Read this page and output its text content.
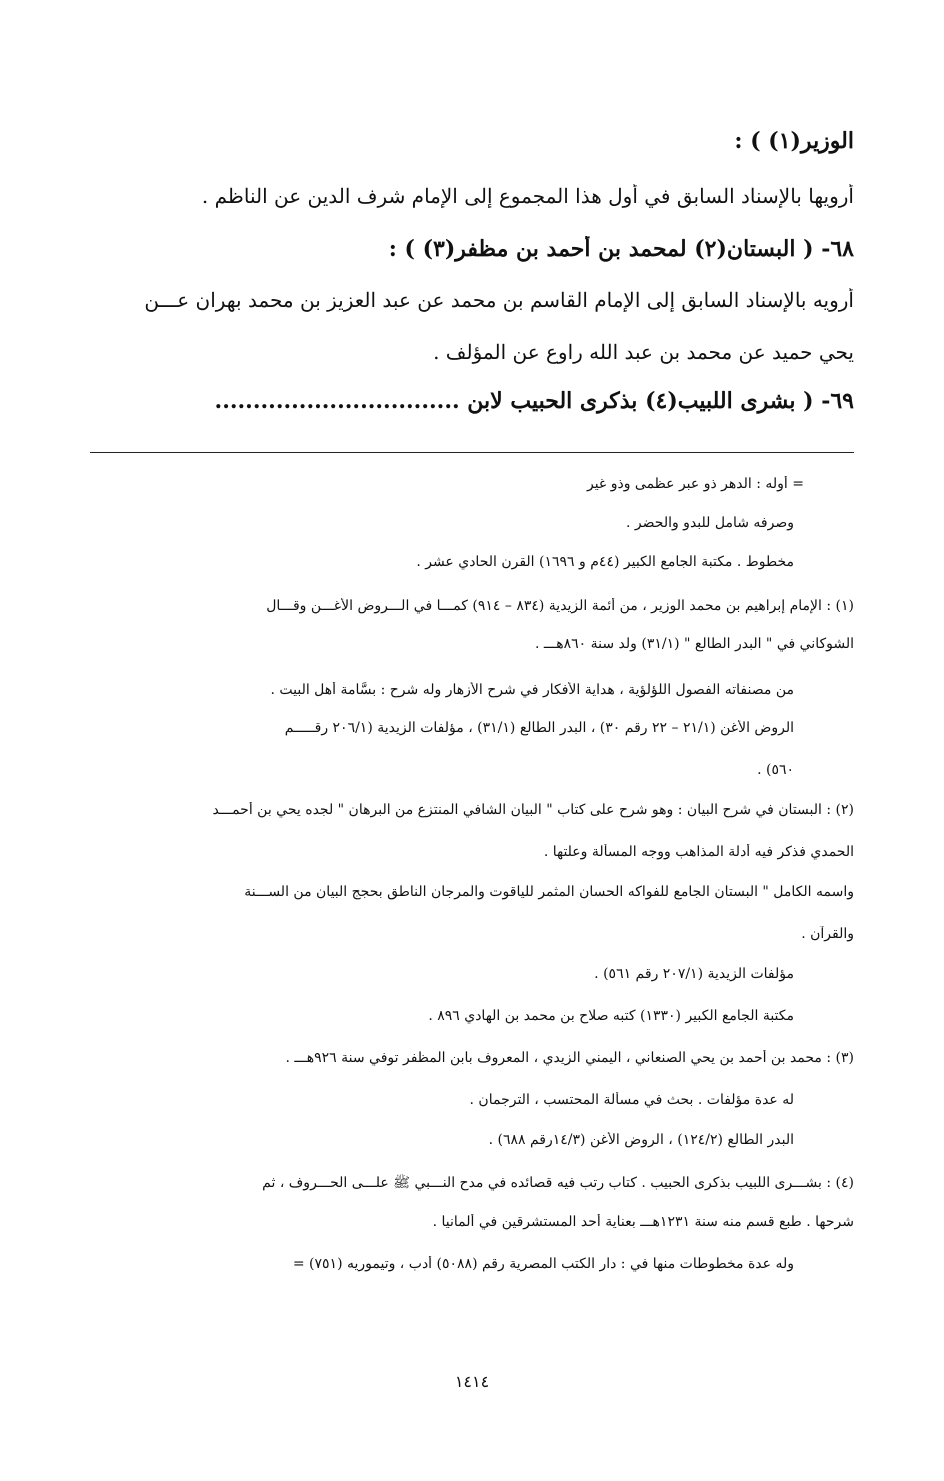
الوزير(١) ) :
أرويها بالإسناد السابق في أول هذا المجموع إلى الإمام شرف الدين عن الناظم .
٦٨- ( البستان(٢) لمحمد بن أحمد بن مظفر(٣) ) :
أرويه بالإسناد السابق إلى الإمام القاسم بن محمد عن عبد العزيز بن محمد بهران عـــن
يحي حميد عن محمد بن عبد الله راوع عن المؤلف .
٦٩- ( بشرى اللبيب(٤) بذكرى الحبيب لابن ................................
= أوله : الدهر ذو عبر عظمى وذو غير
وصرفه شامل للبدو والحضر .
مخطوط . مكتبة الجامع الكبير (٤٤م و ١٦٩٦) القرن الحادي عشر .
(١) : الإمام إبراهيم بن محمد الوزير ، من أئمة الزيدية (٨٣٤ – ٩١٤) كمـــا في الـــروض الأغـــن وقـــال
الشوكاني في " البدر الطالع " (٣١/١) ولد سنة ٨٦٠هـــ .
من مصنفاته الفصول اللؤلؤية ، هداية الأفكار في شرح الأزهار وله شرح : بسَّامة أهل البيت .
الروض الأغن (٢١/١ – ٢٢ رقم ٣٠) ، البدر الطالع (٣١/١) ، مؤلفات الزيدية (٢٠٦/١ رقـــــم
٥٦٠) .
(٢) : البستان في شرح البيان : وهو شرح على كتاب " البيان الشافي المنتزع من البرهان " لجده يحي بن أحمـــد
الحمدي فذكر فيه أدلة المذاهب ووجه المسألة وعلتها .
واسمه الكامل " البستان الجامع للفواكه الحسان المثمر للياقوت والمرجان الناطق بحجج البيان من الســـنة
والقرآن .
مؤلفات الزيدية (٢٠٧/١ رقم ٥٦١) .
مكتبة الجامع الكبير (١٣٣٠) كتبه صلاح بن محمد بن الهادي ٨٩٦ .
(٣) : محمد بن أحمد بن يحي الصنعاني ، اليمني الزيدي ، المعروف بابن المظفر توفي سنة ٩٢٦هـــ .
له عدة مؤلفات . بحث في مسألة المحتسب ، الترجمان .
البدر الطالع (١٢٤/٢) ، الروض الأغن (١٤/٣رقم ٦٨٨) .
(٤) : بشـــرى اللبيب بذكرى الحبيب . كتاب رتب فيه قصائده في مدح النـــبي ﷺ علـــى الحـــروف ، ثم
شرحها . طبع قسم منه سنة ١٢٣١هـــ بعناية أحد المستشرقين في ألمانيا .
وله عدة مخطوطات منها في : دار الكتب المصرية رقم (٥٠٨٨) أدب ، وتيموريه (٧٥١) =
١٤١٤
